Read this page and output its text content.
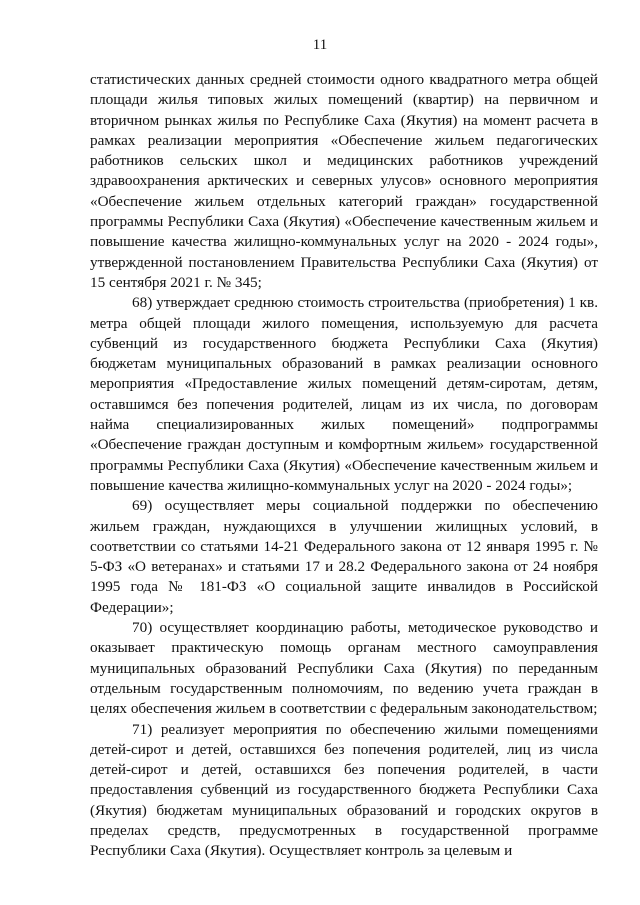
11

статистических данных средней стоимости одного квадратного метра общей площади жилья типовых жилых помещений (квартир) на первичном и вторичном рынках жилья по Республике Саха (Якутия) на момент расчета в рамках реализации мероприятия «Обеспечение жильем педагогических работников сельских школ и медицинских работников учреждений здравоохранения арктических и северных улусов» основного мероприятия «Обеспечение жильем отдельных категорий граждан» государственной программы Республики Саха (Якутия) «Обеспечение качественным жильем и повышение качества жилищно-коммунальных услуг на 2020 - 2024 годы», утвержденной постановлением Правительства Республики Саха (Якутия) от 15 сентября 2021 г. № 345;

68) утверждает среднюю стоимость строительства (приобретения) 1 кв. метра общей площади жилого помещения, используемую для расчета субвенций из государственного бюджета Республики Саха (Якутия) бюджетам муниципальных образований в рамках реализации основного мероприятия «Предоставление жилых помещений детям-сиротам, детям, оставшимся без попечения родителей, лицам из их числа, по договорам найма специализированных жилых помещений» подпрограммы «Обеспечение граждан доступным и комфортным жильем» государственной программы Республики Саха (Якутия) «Обеспечение качественным жильем и повышение качества жилищно-коммунальных услуг на 2020 - 2024 годы»;

69) осуществляет меры социальной поддержки по обеспечению жильем граждан, нуждающихся в улучшении жилищных условий, в соответствии со статьями 14-21 Федерального закона от 12 января 1995 г. № 5-ФЗ «О ветеранах» и статьями 17 и 28.2 Федерального закона от 24 ноября 1995 года № 181-ФЗ «О социальной защите инвалидов в Российской Федерации»;

70) осуществляет координацию работы, методическое руководство и оказывает практическую помощь органам местного самоуправления муниципальных образований Республики Саха (Якутия) по переданным отдельным государственным полномочиям, по ведению учета граждан в целях обеспечения жильем в соответствии с федеральным законодательством;

71) реализует мероприятия по обеспечению жилыми помещениями детей-сирот и детей, оставшихся без попечения родителей, лиц из числа детей-сирот и детей, оставшихся без попечения родителей, в части предоставления субвенций из государственного бюджета Республики Саха (Якутия) бюджетам муниципальных образований и городских округов в пределах средств, предусмотренных в государственной программе Республики Саха (Якутия). Осуществляет контроль за целевым и
